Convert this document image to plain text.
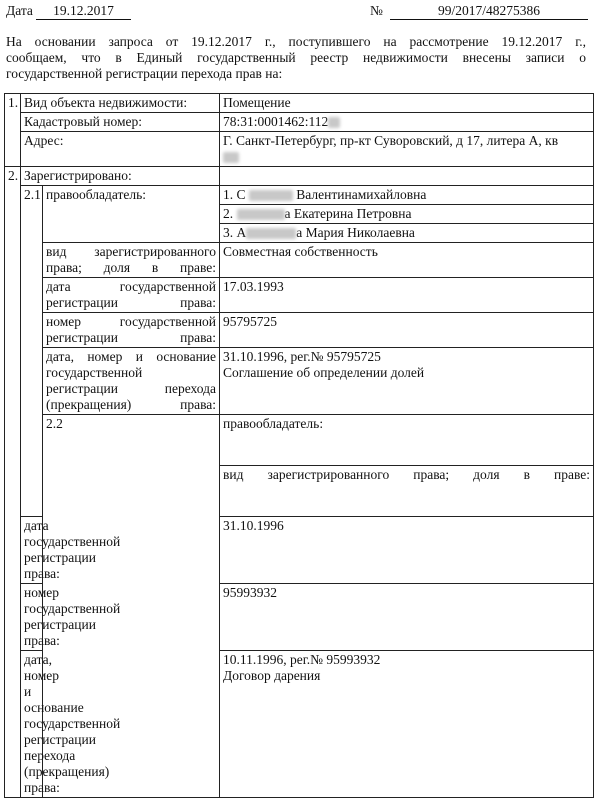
Дата	19.12.2017	№	99/2017/48275386
На основании запроса от 19.12.2017 г., поступившего на рассмотрение 19.12.2017 г.,
сообщаем, что в Единый государственный реестр недвижимости внесены записи о
государственной регистрации перехода прав на:
1.	Вид объекта недвижимости:		Помещение	
	Кадастровый номер:		78:31:0001462:112	
	Адрес:		Г. Санкт-Петербург, пр-кт Суворовский, д 17, литера А, кв	

2.	Зарегистрировано:			
	2.1	правообладатель:	1. С Валентинамихайловна	
			2. а Екатерина Петровна	
			3. А а Мария Николаевна	
		вид зарегистрированного права; доля в праве:	Совместная собственность	
		дата государственной регистрации права:	17.03.1993	
		номер государственной регистрации права:	95795725	
		дата, номер и основание государственной регистрации перехода (прекращения) права:	31.10.1996, рег.№ 95795725
Соглашение об определении долей	

		2.2	правообладатель:	
			вид зарегистрированного права; доля в праве:	
	дата государственной регистрации права:		31.10.1996	
	номер государственной регистрации права:		95993932	
	дата, номер и основание государственной регистрации перехода (прекращения) права:		10.11.1996, рег.№ 95993932
Договор дарения	
